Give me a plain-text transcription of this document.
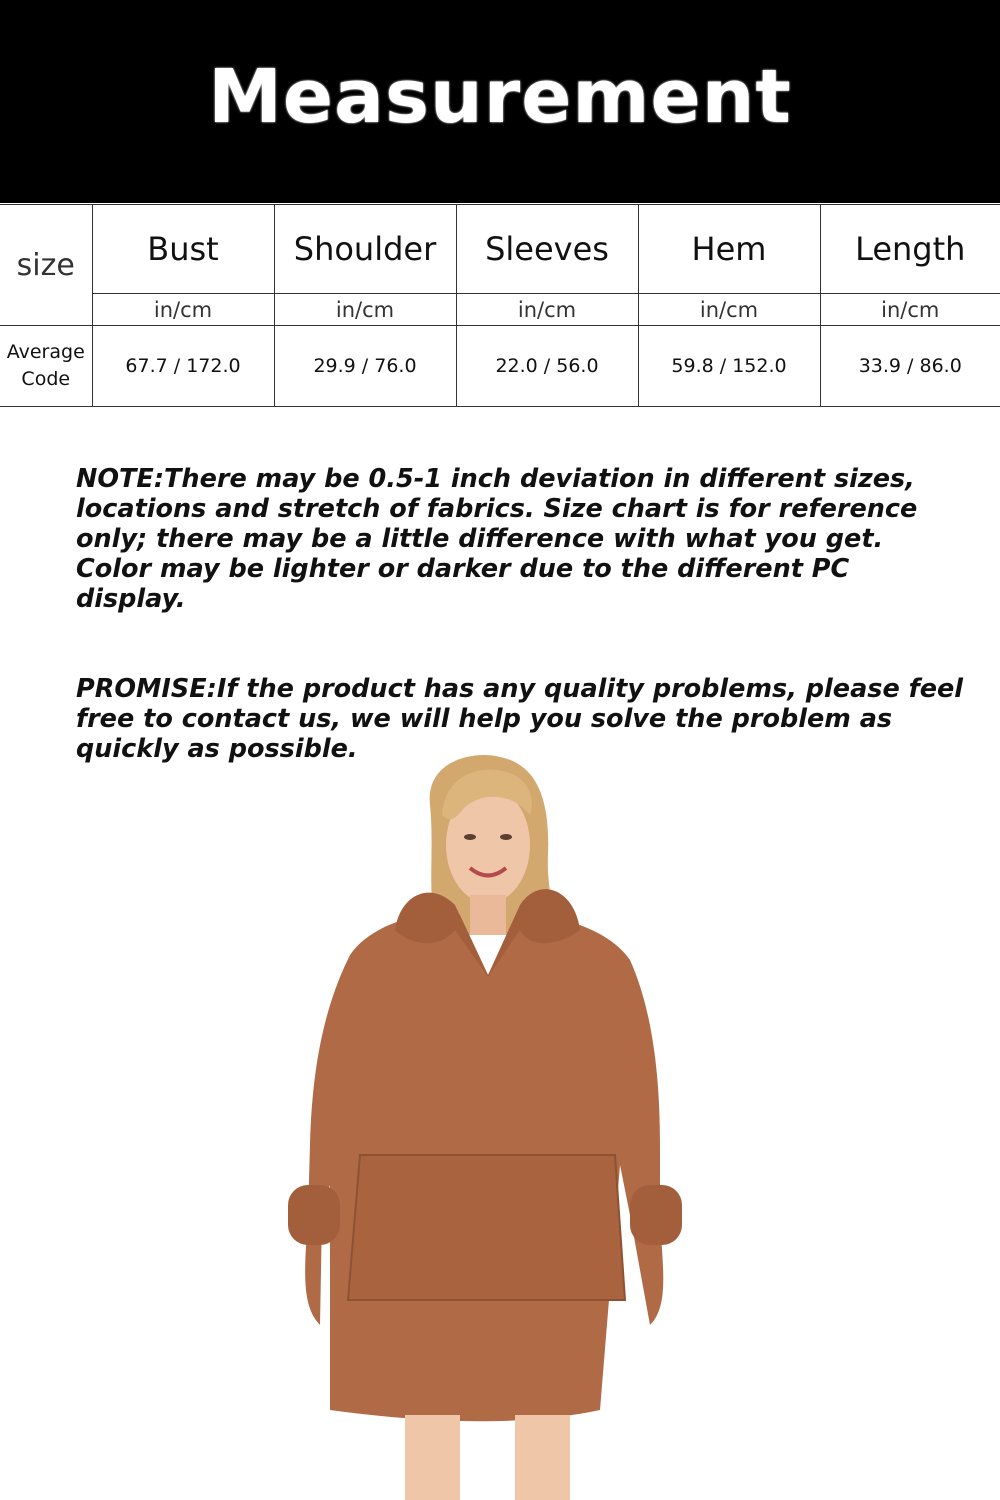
Measurement
size	Bust	Shoulder	Sleeves	Hem	Length
	in/cm	in/cm	in/cm	in/cm	in/cm

Average
Code	67.7 / 172.0	29.9 / 76.0	22.0 / 56.0	59.8 / 152.0	33.9 / 86.0

NOTE:There may be 0.5-1 inch deviation in different sizes, locations and stretch of fabrics. Size chart is for reference only; there may be a little difference with what you get. Color may be lighter or darker due to the different PC display.

PROMISE:If the product has any quality problems, please feel free to contact us, we will help you solve the problem as quickly as possible.
